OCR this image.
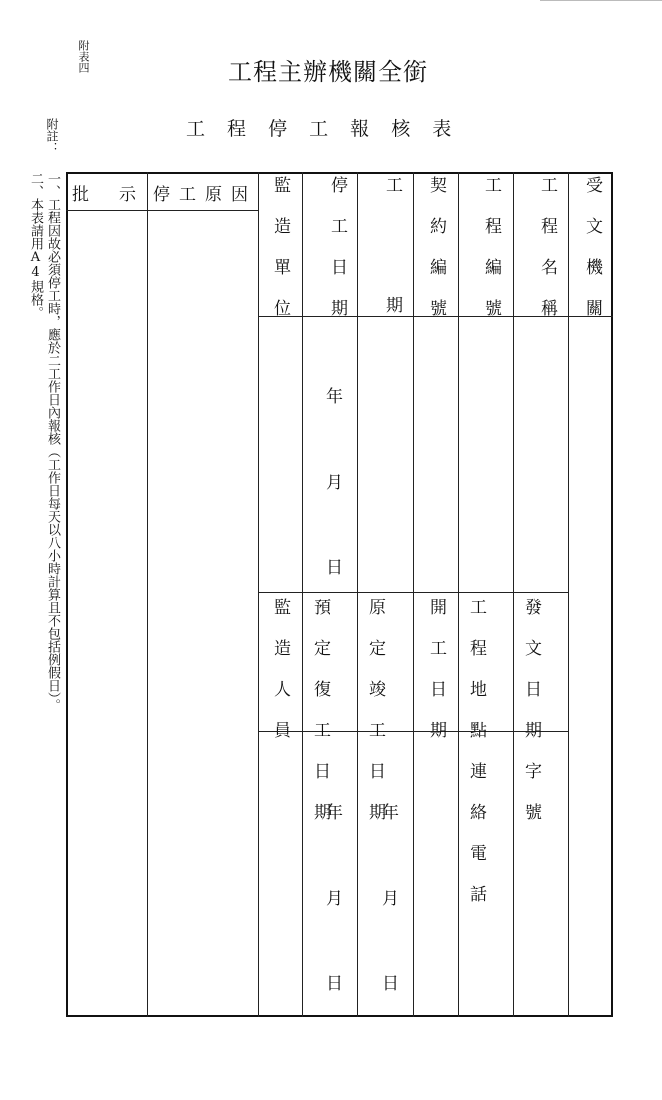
附表四	工程主辦機關全銜
工 程 停 工 報 核 表
附註：
一、工程因故必須停工時，應於二工作日內報核（工作日每天以八小時計算且不包括例假日）。
二、本表請用A4規格。 批示
停工原因 監造單位 停工日期 工期 契約編號 工程編號 工程名稱 受文機關
年
月
日
監造人員 預定復工日期 原定竣工日期 開工日期 工程地點連絡電話 發文日期字號
年
月
日
年
月
日
